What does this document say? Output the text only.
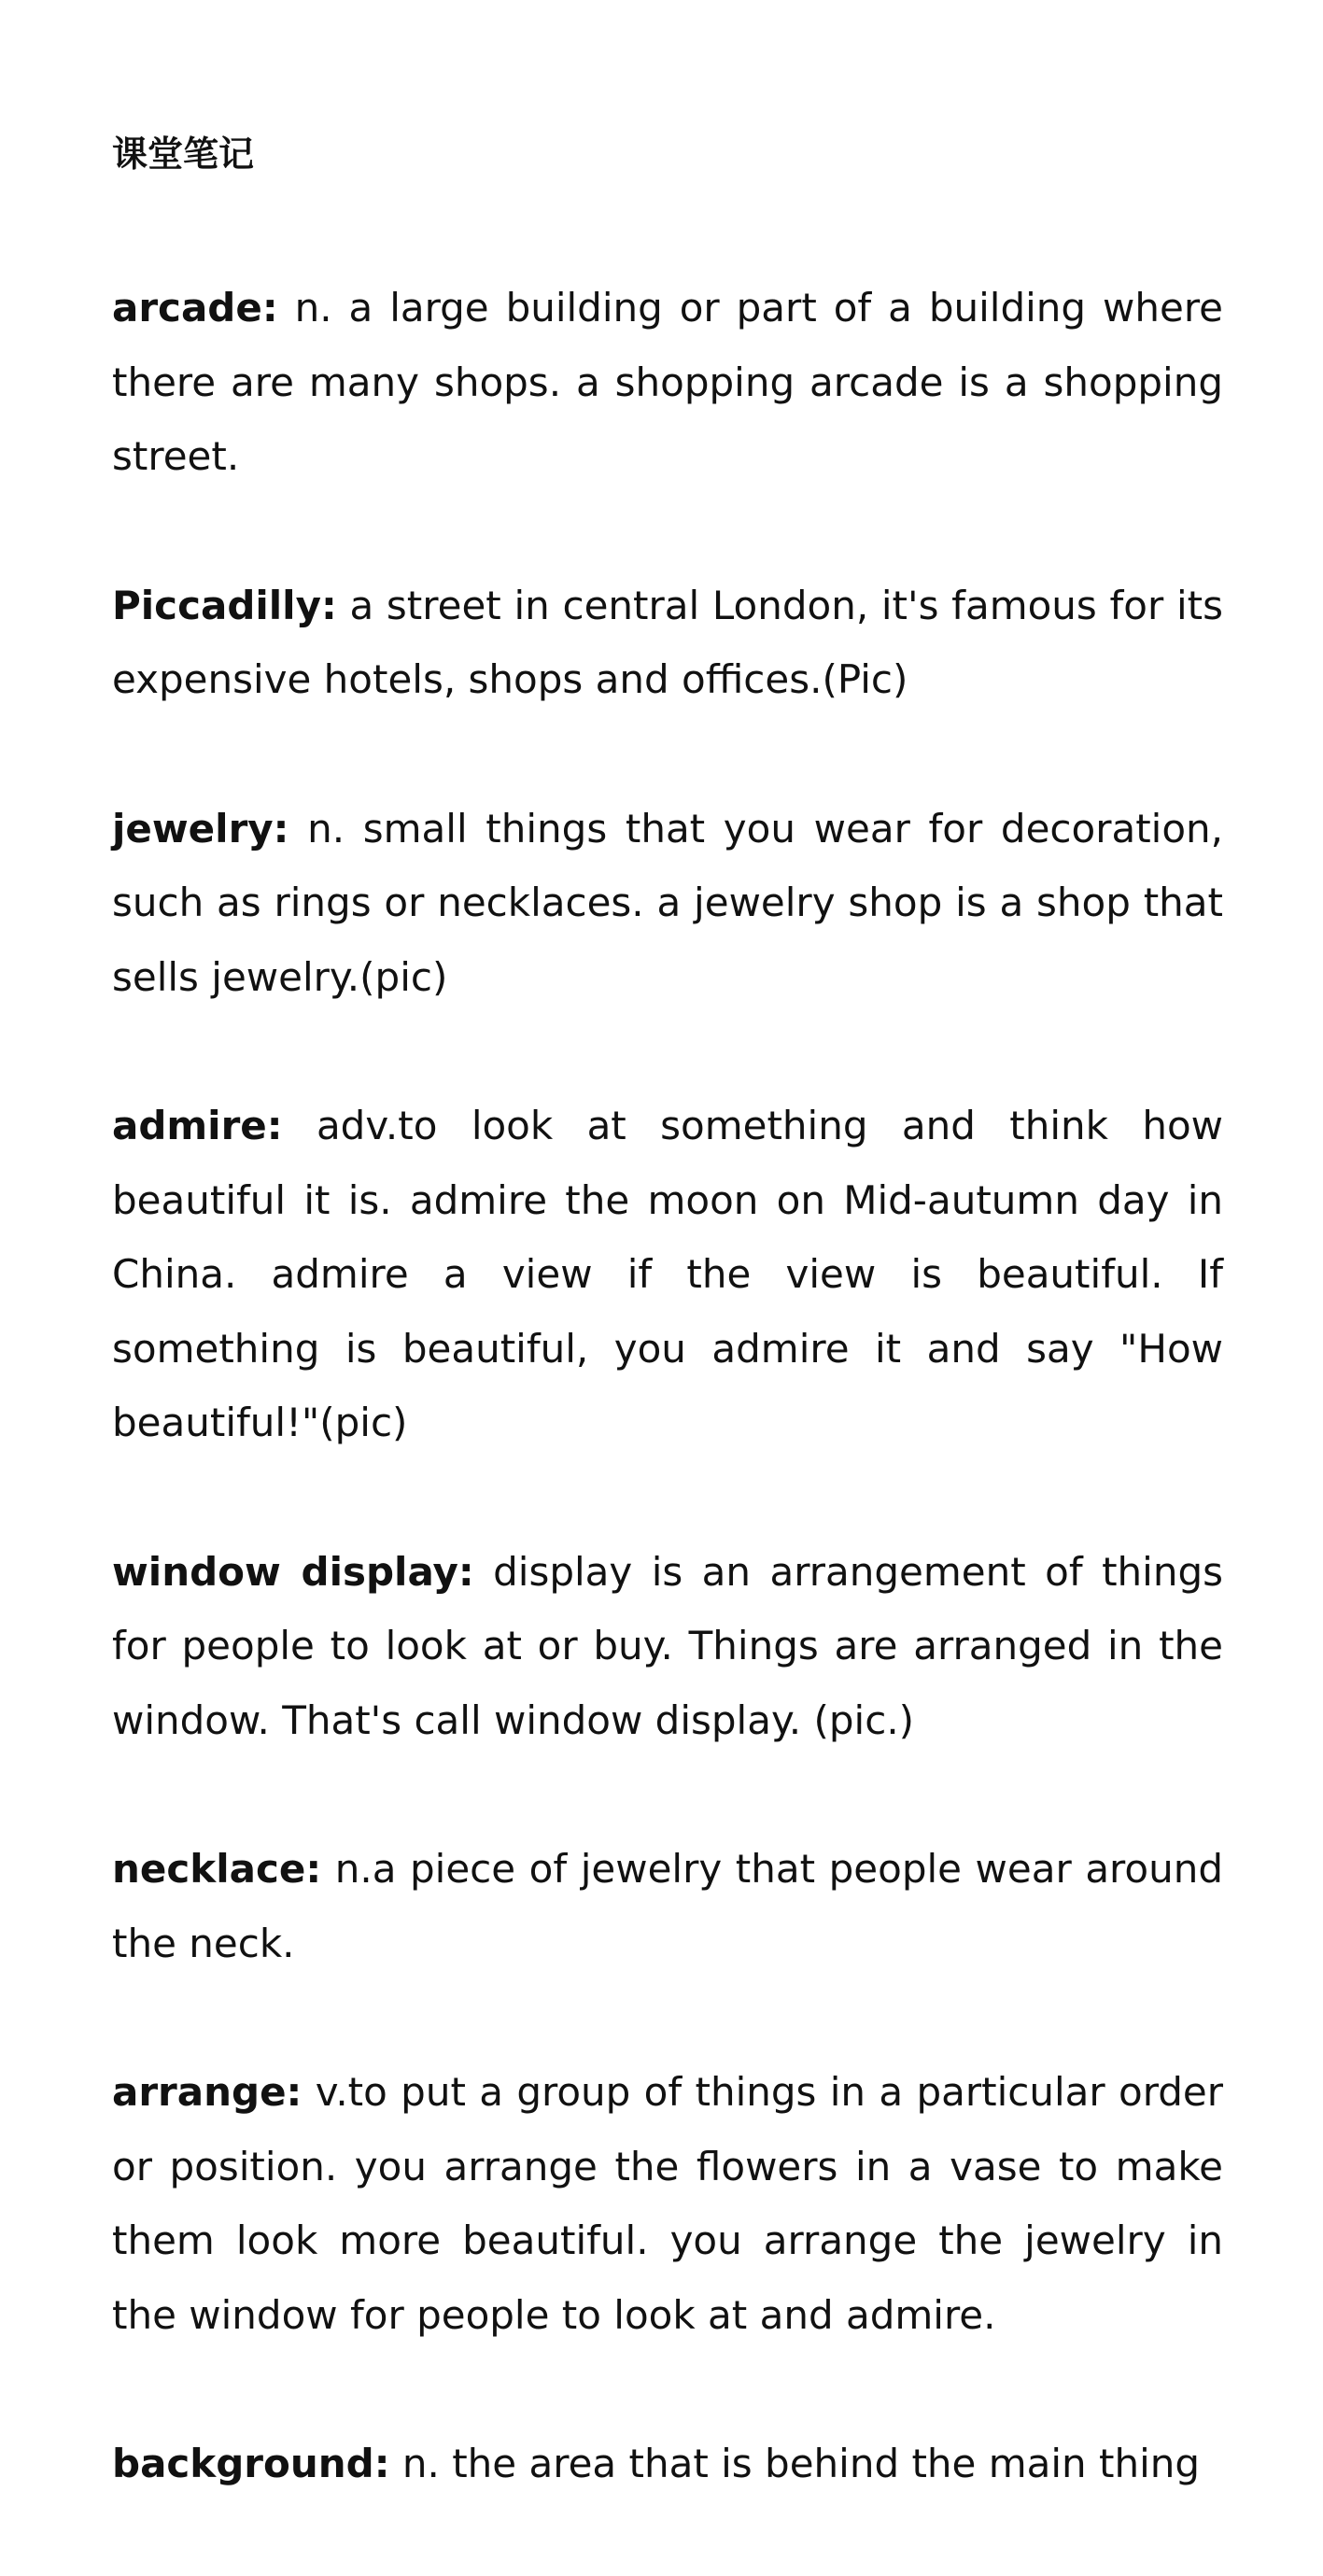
课堂笔记

arcade: n. a large building or part of a building where there are many shops. a shopping arcade is a shopping street.

Piccadilly: a street in central London, it's famous for its expensive hotels, shops and offices.(Pic)

jewelry: n. small things that you wear for decoration, such as rings or necklaces. a jewelry shop is a shop that sells jewelry.(pic)

admire: adv.to look at something and think how beautiful it is. admire the moon on Mid-autumn day in China. admire a view if the view is beautiful. If something is beautiful, you admire it and say "How beautiful!"(pic)

window display: display is an arrangement of things for people to look at or buy. Things are arranged in the window. That's call window display. (pic.)

necklace: n.a piece of jewelry that people wear around the neck.

arrange: v.to put a group of things in a particular order or position. you arrange the flowers in a vase to make them look more beautiful. you arrange the jewelry in the window for people to look at and admire.

background: n. the area that is behind the main thing
